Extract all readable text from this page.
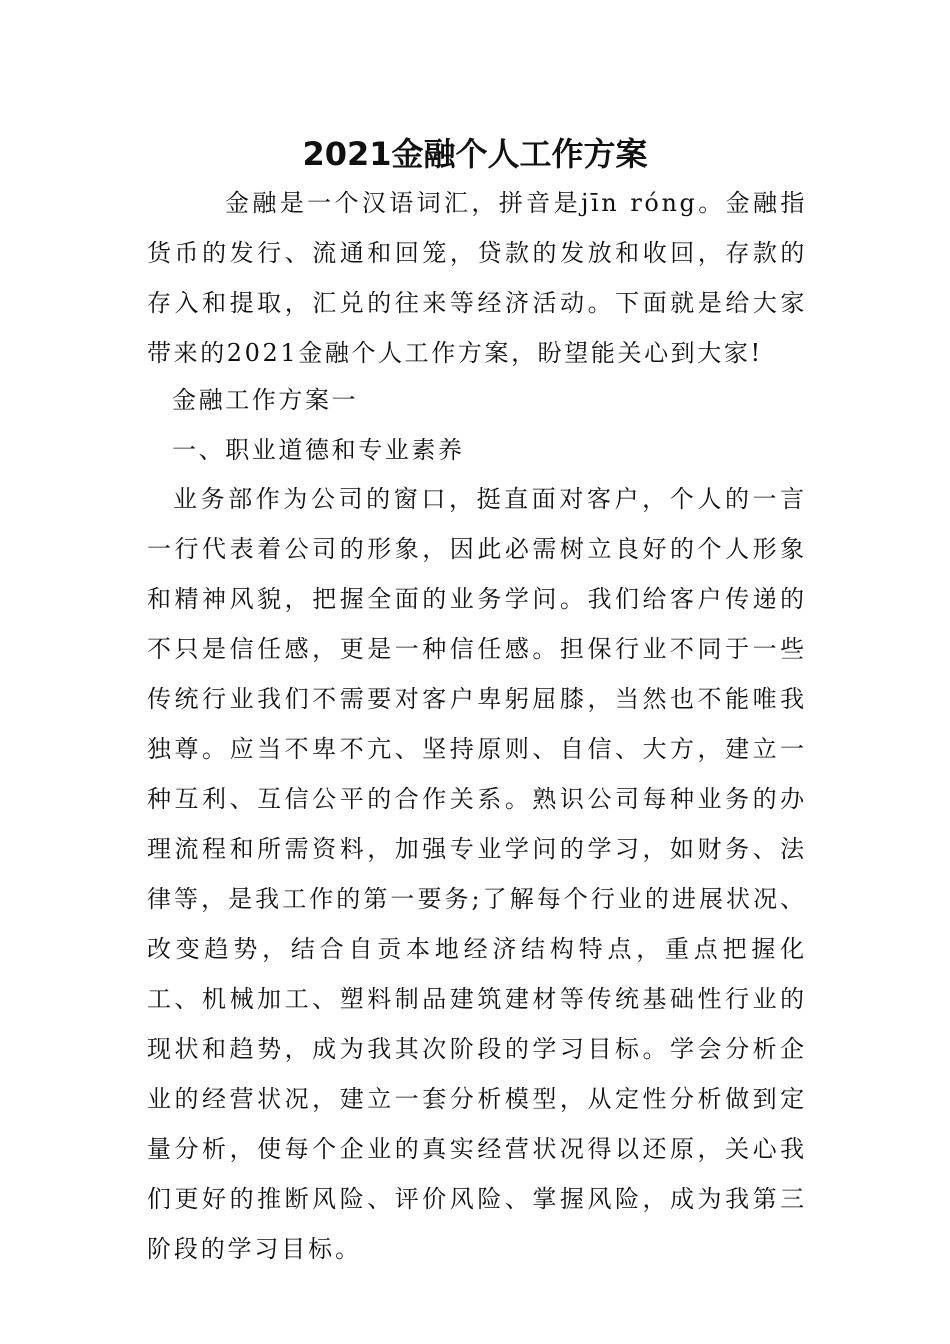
2021金融个人工作方案

金融是一个汉语词汇，拼音是jīn róng。金融指货币的发行、流通和回笼，贷款的发放和收回，存款的存入和提取，汇兑的往来等经济活动。下面就是给大家带来的2021金融个人工作方案，盼望能关心到大家!

金融工作方案一

一、职业道德和专业素养

业务部作为公司的窗口，挺直面对客户，个人的一言一行代表着公司的形象，因此必需树立良好的个人形象和精神风貌，把握全面的业务学问。我们给客户传递的不只是信任感，更是一种信任感。担保行业不同于一些传统行业我们不需要对客户卑躬屈膝，当然也不能唯我独尊。应当不卑不亢、坚持原则、自信、大方，建立一种互利、互信公平的合作关系。熟识公司每种业务的办理流程和所需资料，加强专业学问的学习，如财务、法律等，是我工作的第一要务;了解每个行业的进展状况、改变趋势，结合自贡本地经济结构特点，重点把握化工、机械加工、塑料制品建筑建材等传统基础性行业的现状和趋势，成为我其次阶段的学习目标。学会分析企业的经营状况，建立一套分析模型，从定性分析做到定量分析，使每个企业的真实经营状况得以还原，关心我们更好的推断风险、评价风险、掌握风险，成为我第三阶段的学习目标。
